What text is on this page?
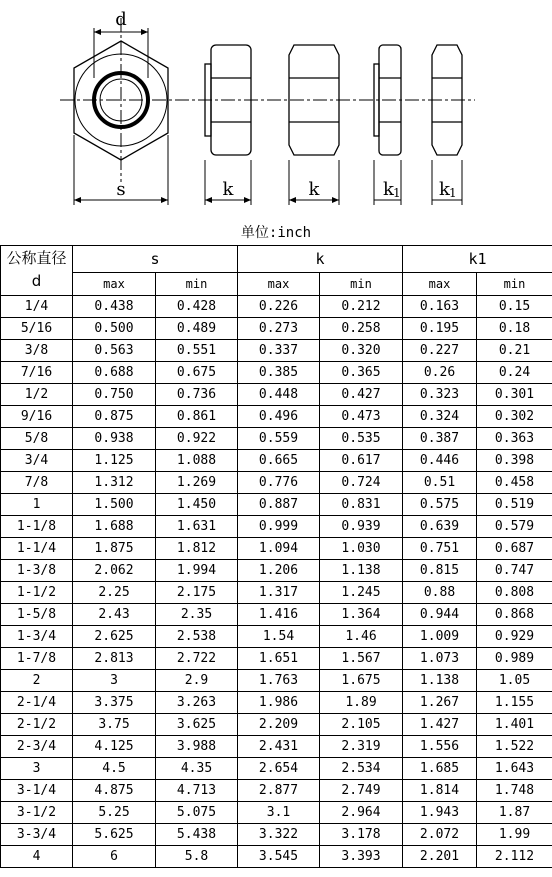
d
s	k	k	k 1 k 1
单位:inch
公称直径
d	s		k		k1	
	max	min	max	min	max	min
1/4	0.438	0.428	0.226	0.212	0.163	0.15
5/16	0.500	0.489	0.273	0.258	0.195	0.18
3/8	0.563	0.551	0.337	0.320	0.227	0.21
7/16	0.688	0.675	0.385	0.365	0.26	0.24
1/2	0.750	0.736	0.448	0.427	0.323	0.301
9/16	0.875	0.861	0.496	0.473	0.324	0.302
5/8	0.938	0.922	0.559	0.535	0.387	0.363
3/4	1.125	1.088	0.665	0.617	0.446	0.398
7/8	1.312	1.269	0.776	0.724	0.51	0.458
1	1.500	1.450	0.887	0.831	0.575	0.519
1-1/8	1.688	1.631	0.999	0.939	0.639	0.579
1-1/4	1.875	1.812	1.094	1.030	0.751	0.687
1-3/8	2.062	1.994	1.206	1.138	0.815	0.747
1-1/2	2.25	2.175	1.317	1.245	0.88	0.808
1-5/8	2.43	2.35	1.416	1.364	0.944	0.868
1-3/4	2.625	2.538	1.54	1.46	1.009	0.929
1-7/8	2.813	2.722	1.651	1.567	1.073	0.989
2	3	2.9	1.763	1.675	1.138	1.05
2-1/4	3.375	3.263	1.986	1.89	1.267	1.155
2-1/2	3.75	3.625	2.209	2.105	1.427	1.401
2-3/4	4.125	3.988	2.431	2.319	1.556	1.522
3	4.5	4.35	2.654	2.534	1.685	1.643
3-1/4	4.875	4.713	2.877	2.749	1.814	1.748
3-1/2	5.25	5.075	3.1	2.964	1.943	1.87
3-3/4	5.625	5.438	3.322	3.178	2.072	1.99
4	6	5.8	3.545	3.393	2.201	2.112
